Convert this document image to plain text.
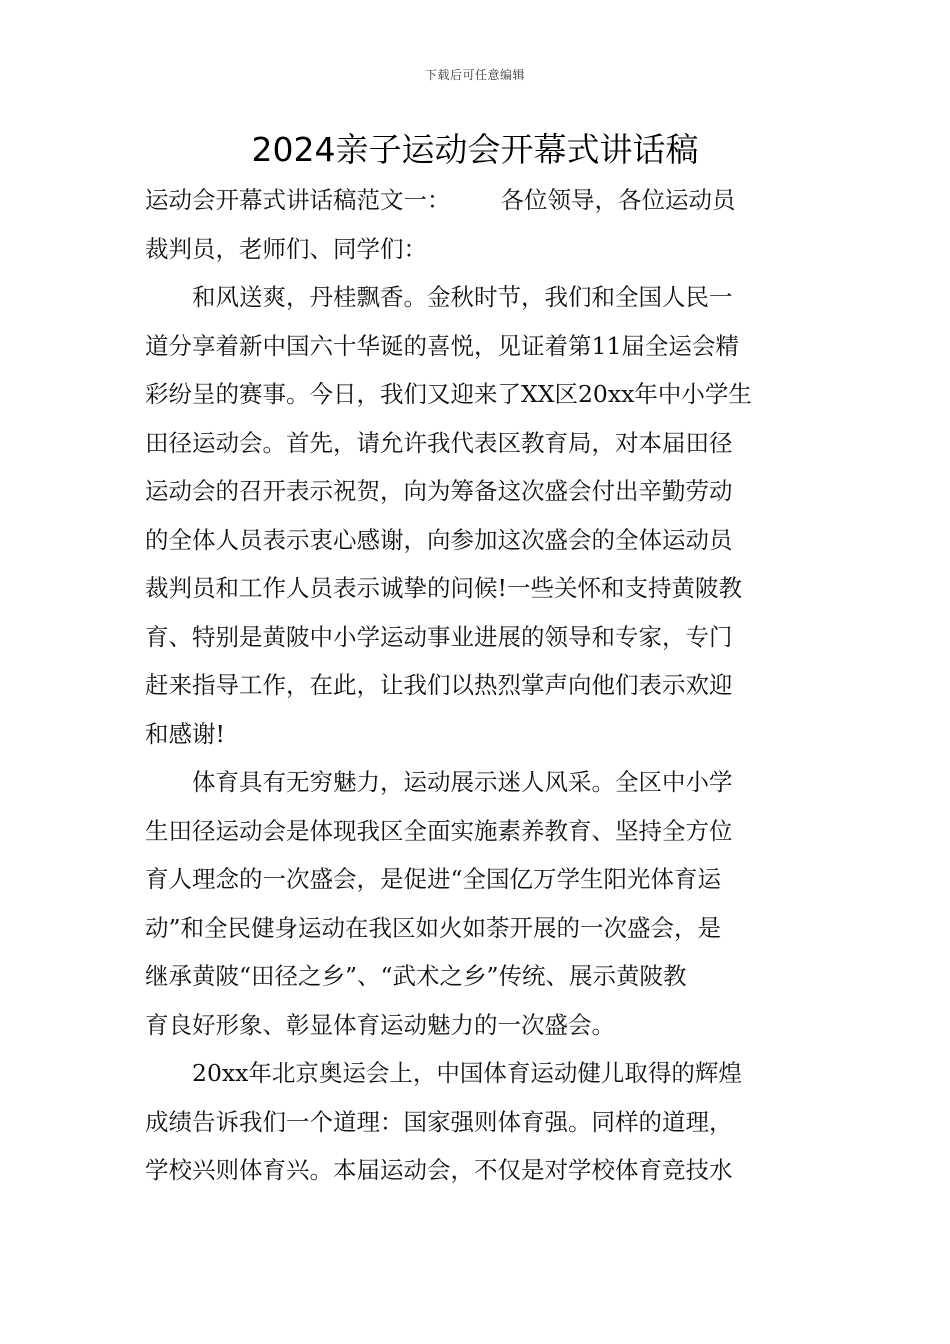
下载后可任意编辑
2024亲子运动会开幕式讲话稿
运动会开幕式讲话稿范文一： 各位领导，各位运动员
裁判员，老师们、同学们：
和风送爽，丹桂飘香。金秋时节，我们和全国人民一
道分享着新中国六十华诞的喜悦，见证着第11届全运会精
彩纷呈的赛事。今日，我们又迎来了XX区20xx年中小学生
田径运动会。首先，请允许我代表区教育局，对本届田径
运动会的召开表示祝贺，向为筹备这次盛会付出辛勤劳动
的全体人员表示衷心感谢，向参加这次盛会的全体运动员
裁判员和工作人员表示诚挚的问候!一些关怀和支持黄陂教
育、特别是黄陂中小学运动事业进展的领导和专家，专门
赶来指导工作，在此，让我们以热烈掌声向他们表示欢迎
和感谢!
体育具有无穷魅力，运动展示迷人风采。全区中小学
生田径运动会是体现我区全面实施素养教育、坚持全方位
育人理念的一次盛会，是促进“全国亿万学生阳光体育运
动”和全民健身运动在我区如火如荼开展的一次盛会，是
继承黄陂“田径之乡”、“武术之乡”传统、展示黄陂教
育良好形象、彰显体育运动魅力的一次盛会。
20xx年北京奥运会上，中国体育运动健儿取得的辉煌
成绩告诉我们一个道理：国家强则体育强。同样的道理，
学校兴则体育兴。本届运动会，不仅是对学校体育竞技水
